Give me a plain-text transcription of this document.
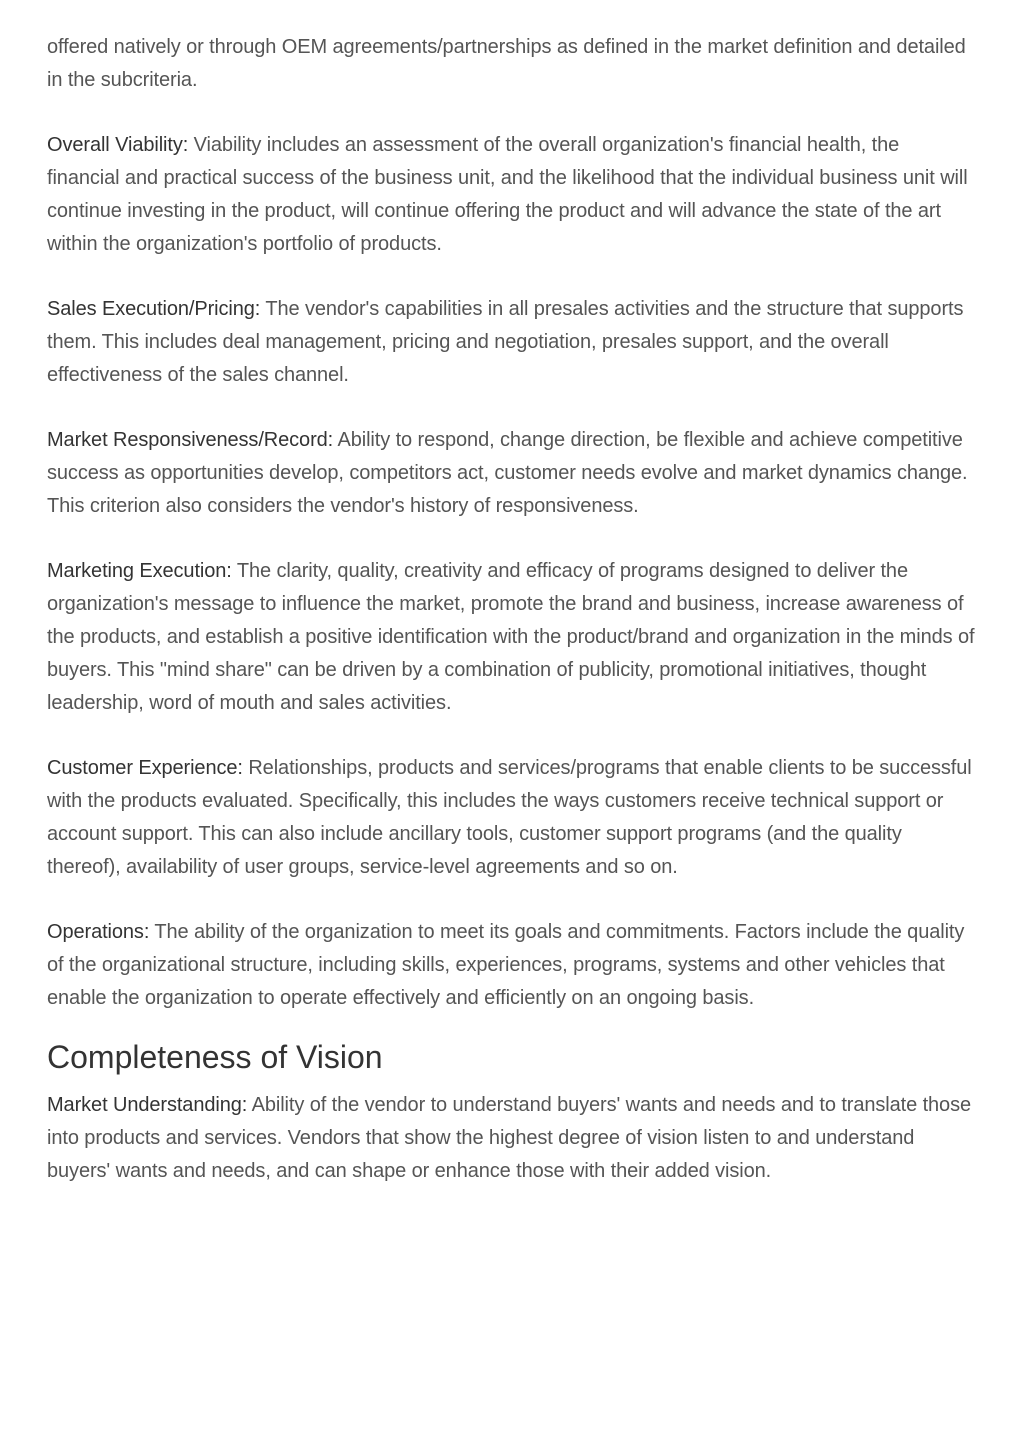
offered natively or through OEM agreements/partnerships as defined in the market definition and detailed in the subcriteria.

Overall Viability: Viability includes an assessment of the overall organization's financial health, the financial and practical success of the business unit, and the likelihood that the individual business unit will continue investing in the product, will continue offering the product and will advance the state of the art within the organization's portfolio of products.

Sales Execution/Pricing: The vendor's capabilities in all presales activities and the structure that supports them. This includes deal management, pricing and negotiation, presales support, and the overall effectiveness of the sales channel.

Market Responsiveness/Record: Ability to respond, change direction, be flexible and achieve competitive success as opportunities develop, competitors act, customer needs evolve and market dynamics change. This criterion also considers the vendor's history of responsiveness.

Marketing Execution: The clarity, quality, creativity and efficacy of programs designed to deliver the organization's message to influence the market, promote the brand and business, increase awareness of the products, and establish a positive identification with the product/brand and organization in the minds of buyers. This "mind share" can be driven by a combination of publicity, promotional initiatives, thought leadership, word of mouth and sales activities.

Customer Experience: Relationships, products and services/programs that enable clients to be successful with the products evaluated. Specifically, this includes the ways customers receive technical support or account support. This can also include ancillary tools, customer support programs (and the quality thereof), availability of user groups, service-level agreements and so on.

Operations: The ability of the organization to meet its goals and commitments. Factors include the quality of the organizational structure, including skills, experiences, programs, systems and other vehicles that enable the organization to operate effectively and efficiently on an ongoing basis.

Completeness of Vision

Market Understanding: Ability of the vendor to understand buyers' wants and needs and to translate those into products and services. Vendors that show the highest degree of vision listen to and understand buyers' wants and needs, and can shape or enhance those with their added vision.
